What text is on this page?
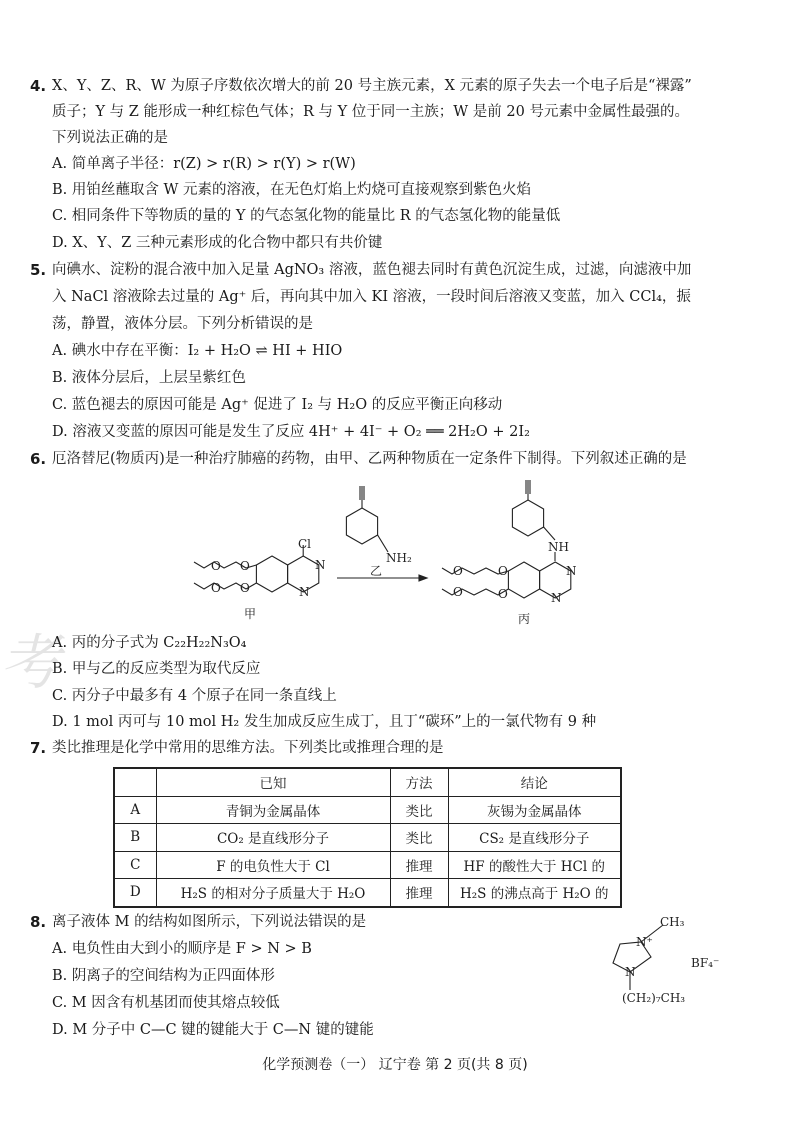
考
4. X、Y、Z、R、W 为原子序数依次增大的前 20 号主族元素，X 元素的原子失去一个电子后是“裸露”
质子；Y 与 Z 能形成一种红棕色气体；R 与 Y 位于同一主族；W 是前 20 号元素中金属性最强的。
下列说法正确的是
A. 简单离子半径：r(Z) > r(R) > r(Y) > r(W)
B. 用铂丝蘸取含 W 元素的溶液，在无色灯焰上灼烧可直接观察到紫色火焰
C. 相同条件下等物质的量的 Y 的气态氢化物的能量比 R 的气态氢化物的能量低
D. X、Y、Z 三种元素形成的化合物中都只有共价键
5. 向碘水、淀粉的混合液中加入足量 AgNO₃ 溶液，蓝色褪去同时有黄色沉淀生成，过滤，向滤液中加
入 NaCl 溶液除去过量的 Ag⁺ 后，再向其中加入 KI 溶液，一段时间后溶液又变蓝，加入 CCl₄，振
荡，静置，液体分层。下列分析错误的是
A. 碘水中存在平衡：I₂ + H₂O ⇌ HI + HIO
B. 液体分层后，上层呈紫红色
C. 蓝色褪去的原因可能是 Ag⁺ 促进了 I₂ 与 H₂O 的反应平衡正向移动
D. 溶液又变蓝的原因可能是发生了反应 4H⁺ + 4I⁻ + O₂ ══ 2H₂O + 2I₂
6. 厄洛替尼(物质丙)是一种治疗肺癌的药物，由甲、乙两种物质在一定条件下制得。下列叙述正确的是
Cl
N
N
O
O
O
O
甲
NH₂
乙
NH
N
N
O
O
O
O
丙
N⁺
N
CH₃
BF₄⁻
(CH₂)₇CH₃
A. 丙的分子式为 C₂₂H₂₂N₃O₄
B. 甲与乙的反应类型为取代反应
C. 丙分子中最多有 4 个原子在同一条直线上
D. 1 mol 丙可与 10 mol H₂ 发生加成反应生成丁，且丁“碳环”上的一氯代物有 9 种
7. 类比推理是化学中常用的思维方法。下列类比或推理合理的是
	已知	方法	结论
A	青铜为金属晶体	类比	灰锡为金属晶体
B	CO₂ 是直线形分子	类比	CS₂ 是直线形分子
C	F 的电负性大于 Cl	推理	HF 的酸性大于 HCl 的
D	H₂S 的相对分子质量大于 H₂O	推理	H₂S 的沸点高于 H₂O 的
8. 离子液体 M 的结构如图所示，下列说法错误的是
A. 电负性由大到小的顺序是 F > N > B
B. 阴离子的空间结构为正四面体形
C. M 因含有机基团而使其熔点较低
D. M 分子中 C—C 键的键能大于 C—N 键的键能
化学预测卷（一） 辽宁卷 第 2 页(共 8 页)
